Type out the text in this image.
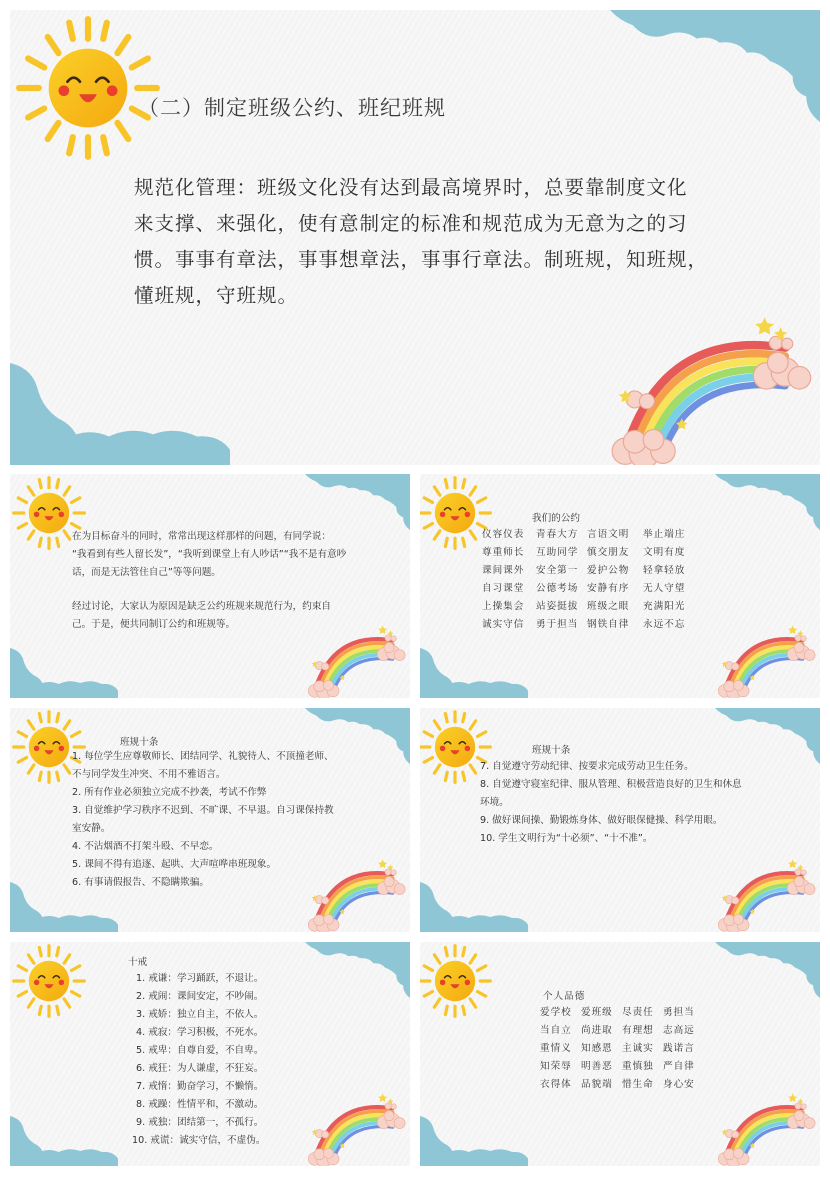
（二）制定班级公约、班纪班规

规范化管理：班级文化没有达到最高境界时，总要靠制度文化

来支撑、来强化，使有意制定的标准和规范成为无意为之的习

惯。事事有章法，事事想章法，事事行章法。制班规，知班规，

懂班规，守班规。

在为目标奋斗的同时，常常出现这样那样的问题，有同学说：
“我看到有些人留长发”，“我听到课堂上有人吵话”“我不是有意吵
话，而是无法管住自己”等等问题。
经过讨论，大家认为原因是缺乏公约班规来规范行为，约束自
己。于是，便共同制订公约和班规等。
我们的公约
仪容仪表	青春大方 言语文明	举止端庄
尊重师长	互助同学 慎交朋友	文明有度
课间课外	安全第一 爱护公物	轻拿轻放
自习课堂	公德考场 安静有序	无人守望
上操集会	站姿挺拔 班级之眼	充满阳光
诚实守信	勇于担当 钢铁自律	永远不忘
班规十条
1. 每位学生应尊敬师长、团结同学、礼貌待人、不顶撞老师、
不与同学发生冲突、不用不雅语言。
2. 所有作业必须独立完成不抄袭，考试不作弊
3. 自觉维护学习秩序不迟到、不旷课、不早退。自习课保持教
室安静。
4. 不沾烟酒不打架斗殴、不早恋。
5. 课间不得有追逐、起哄、大声喧哗串班现象。
6. 有事请假报告、不隐瞒欺骗。
班规十条
7. 自觉遵守劳动纪律、按要求完成劳动卫生任务。
8. 自觉遵守寝室纪律、服从管理、积极营造良好的卫生和休息
环境。
9. 做好课间操、勤锻炼身体、做好眼保健操、科学用眼。
10. 学生文明行为“十必须”、“十不准”。
十戒
1. 戒谦：学习踊跃，不退让。
2. 戒闹：课间安定，不吵闹。
3. 戒娇：独立自主，不依人。
4. 戒寂：学习积极，不死水。
5. 戒卑：自尊自爱，不自卑。
6. 戒狂：为人谦虚，不狂妄。
7. 戒惰：勤奋学习，不懒惰。
8. 戒躁：性情平和，不激动。
9. 戒独：团结第一，不孤行。
10. 戒谎：诚实守信，不虚伪。
个人品德
爱学校 爱班级 尽责任 勇担当
当自立 尚进取 有理想 志高远
重情义 知感恩 主诚实 践诺言
知荣辱 明善恶 重慎独 严自律
衣得体 品貌端 惜生命 身心安
